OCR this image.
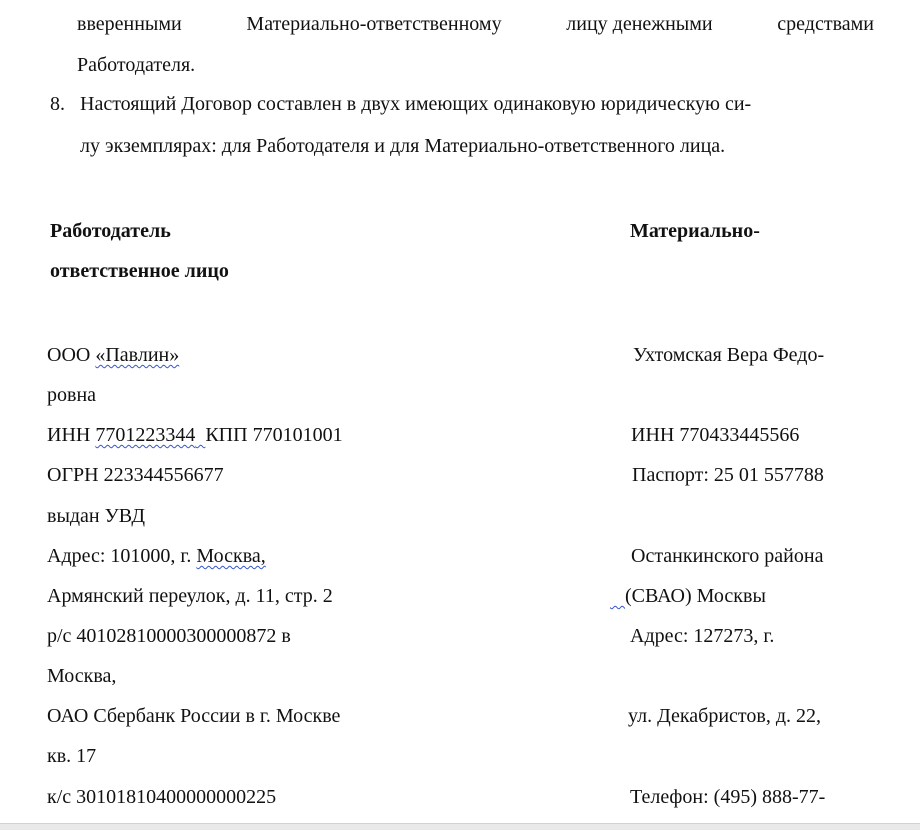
вверенными	Материально-ответственному	лицу денежными	средствами
Работодателя.
8. Настоящий Договор составлен в двух имеющих одинаковую юридическую си-
лу экземплярах: для Работодателя и для Материально-ответственного лица.
Работодатель	Материально-
ответственное лицо
ООО «Павлин»	Ухтомская Вера Федо-
ровна
ИНН 7701223344 КПП 770101001	ИНН 770433445566
ОГРН 223344556677	Паспорт: 25 01 557788
выдан УВД
Адрес: 101000, г. Москва,	Останкинского района
Армянский переулок, д. 11, стр. 2	(СВАО) Москвы
р/с 40102810000300000872 в	Адрес: 127273, г.
Москва,
ОАО Сбербанк России в г. Москве	ул. Декабристов, д. 22,
кв. 17
к/с 30101810400000000225	Телефон: (495) 888-77-
